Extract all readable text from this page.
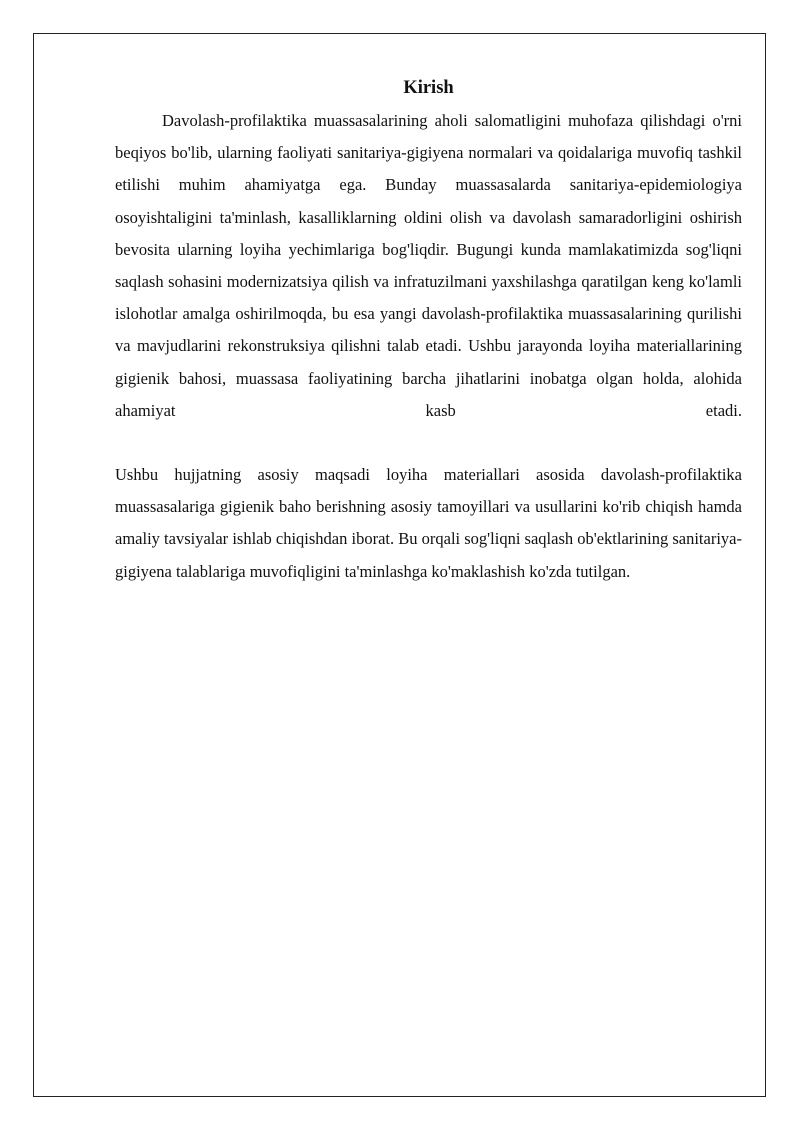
Kirish

Davolash-profilaktika muassasalarining aholi salomatligini muhofaza qilishdagi o'rni beqiyos bo'lib, ularning faoliyati sanitariya-gigiyena normalari va qoidalariga muvofiq tashkil etilishi muhim ahamiyatga ega. Bunday muassasalarda sanitariya-epidemiologiya osoyishtaligini ta'minlash, kasalliklarning oldini olish va davolash samaradorligini oshirish bevosita ularning loyiha yechimlariga bog'liqdir. Bugungi kunda mamlakatimizda sog'liqni saqlash sohasini modernizatsiya qilish va infratuzilmani yaxshilashga qaratilgan keng ko'lamli islohotlar amalga oshirilmoqda, bu esa yangi davolash-profilaktika muassasalarining qurilishi va mavjudlarini rekonstruksiya qilishni talab etadi. Ushbu jarayonda loyiha materiallarining gigienik bahosi, muassasa faoliyatining barcha jihatlarini inobatga olgan holda, alohida ahamiyat kasb etadi.

Ushbu hujjatning asosiy maqsadi loyiha materiallari asosida davolash-profilaktika muassasalariga gigienik baho berishning asosiy tamoyillari va usullarini ko'rib chiqish hamda amaliy tavsiyalar ishlab chiqishdan iborat. Bu orqali sog'liqni saqlash ob'ektlarining sanitariya-gigiyena talablariga muvofiqligini ta'minlashga ko'maklashish ko'zda tutilgan.
